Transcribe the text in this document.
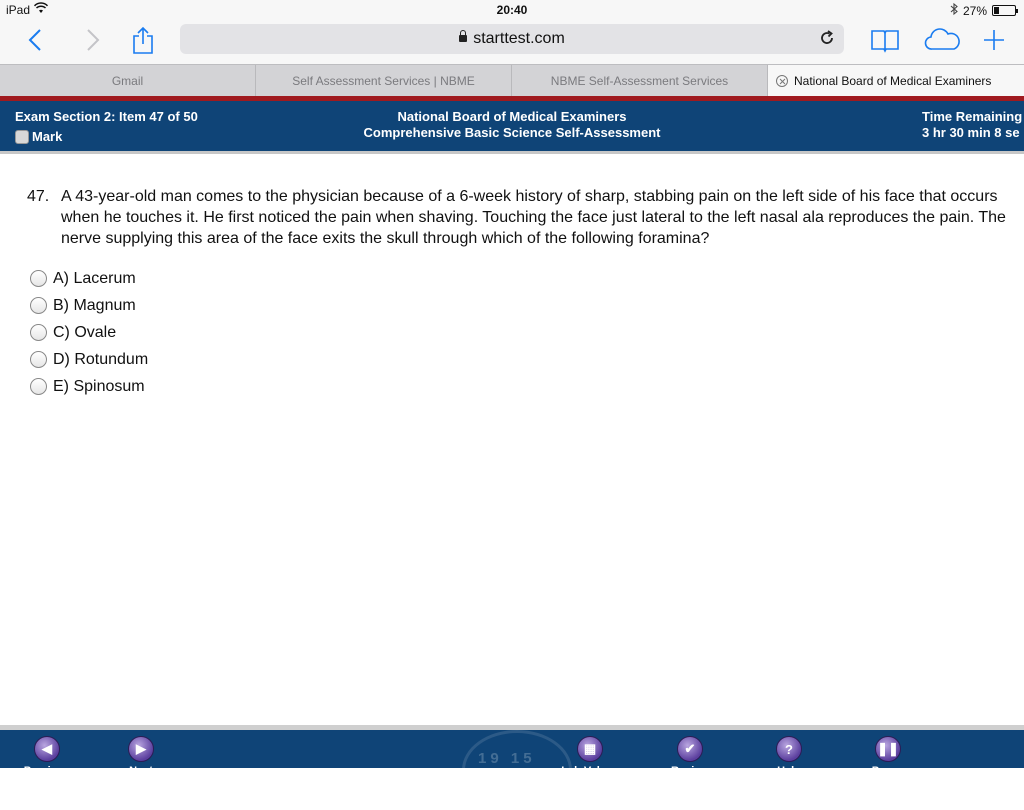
iPad	20:40	27%
starttest.com
Gmail	Self Assessment Services | NBME	NBME Self-Assessment Services	National Board of Medical Examiners
Exam Section 2: Item 47 of 50
Mark
National Board of Medical Examiners
Comprehensive Basic Science Self-Assessment
Time Remaining
3 hr 30 min 8 se
47. A 43-year-old man comes to the physician because of a 6-week history of sharp, stabbing pain on the left side of his face that occurs when he touches it. He first noticed the pain when shaving. Touching the face just lateral to the left nasal ala reproduces the pain. The nerve supplying this area of the face exits the skull through which of the following foramina?
A) Lacerum
B) Magnum
C) Ovale
D) Rotundum
E) Spinosum
19 15
◀
Previous
▶
Next
▦
Lab Values
✔
Review
?
Help
❚❚
Pause
